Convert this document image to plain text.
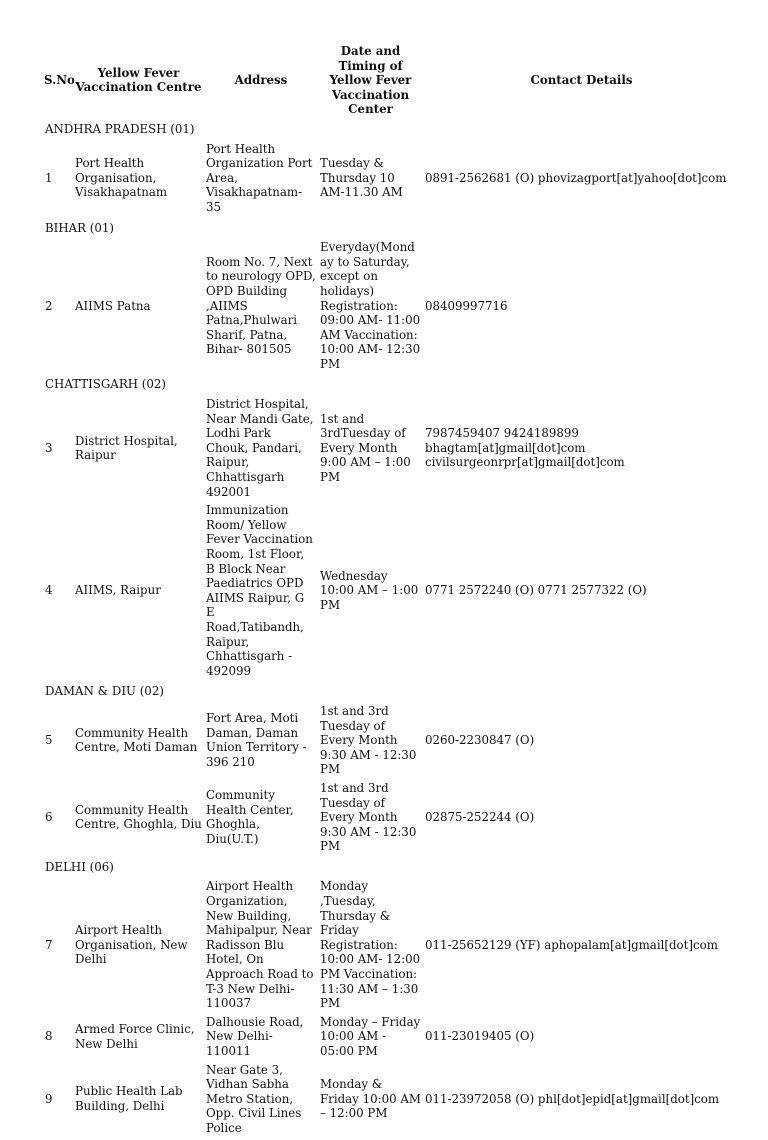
S.No.	Yellow Fever Vaccination Centre	Address	Date and Timing of Yellow Fever Vaccination Center	Contact Details
ANDHRA PRADESH (01)				
1	Port Health Organisation, Visakhapatnam	Port Health Organization Port Area, Visakhapatnam-35	Tuesday & Thursday 10 AM-11.30 AM	0891-2562681 (O) phovizagport[at]yahoo[dot]com
BIHAR (01)				
2	AIIMS Patna	Room No. 7, Next to neurology OPD, OPD Building ,AIIMS Patna,Phulwari Sharif, Patna, Bihar- 801505	Everyday(Monday to Saturday, except on holidays) Registration: 09:00 AM- 11:00 AM Vaccination: 10:00 AM- 12:30 PM	08409997716
CHATTISGARH (02)				
3	District Hospital, Raipur	District Hospital, Near Mandi Gate, Lodhi Park Chouk, Pandari, Raipur, Chhattisgarh 492001	1st and 3rdTuesday of Every Month 9:00 AM – 1:00 PM	7987459407 9424189899 bhagtam[at]gmail[dot]com civilsurgeonrpr[at]gmail[dot]com
4	AIIMS, Raipur	Immunization Room/ Yellow Fever Vaccination Room, 1st Floor, B Block Near Paediatrics OPD AIIMS Raipur, G E Road,Tatibandh, Raipur, Chhattisgarh - 492099	Wednesday 10:00 AM – 1:00 PM	0771 2572240 (O) 0771 2577322 (O)
DAMAN & DIU (02)				
5	Community Health Centre, Moti Daman	Fort Area, Moti Daman, Daman Union Territory - 396 210	1st and 3rd Tuesday of Every Month 9:30 AM - 12:30 PM	0260-2230847 (O)
6	Community Health Centre, Ghoghla, Diu	Community Health Center, Ghoghla, Diu(U.T.)	1st and 3rd Tuesday of Every Month 9:30 AM - 12:30 PM	02875-252244 (O)
DELHI (06)				
7	Airport Health Organisation, New Delhi	Airport Health Organization, New Building, Mahipalpur, Near Radisson Blu Hotel, On Approach Road to T-3 New Delhi-110037	Monday ,Tuesday, Thursday & Friday Registration: 10:00 AM- 12:00 PM Vaccination: 11:30 AM – 1:30 PM	011-25652129 (YF) aphopalam[at]gmail[dot]com
8	Armed Force Clinic, New Delhi	Dalhousie Road, New Delhi-110011	Monday – Friday 10:00 AM - 05:00 PM	011-23019405 (O)
9	Public Health Lab Building, Delhi	Near Gate 3, Vidhan Sabha Metro Station, Opp. Civil Lines Police	Monday & Friday 10:00 AM – 12:00 PM	011-23972058 (O) phl[dot]epid[at]gmail[dot]com
